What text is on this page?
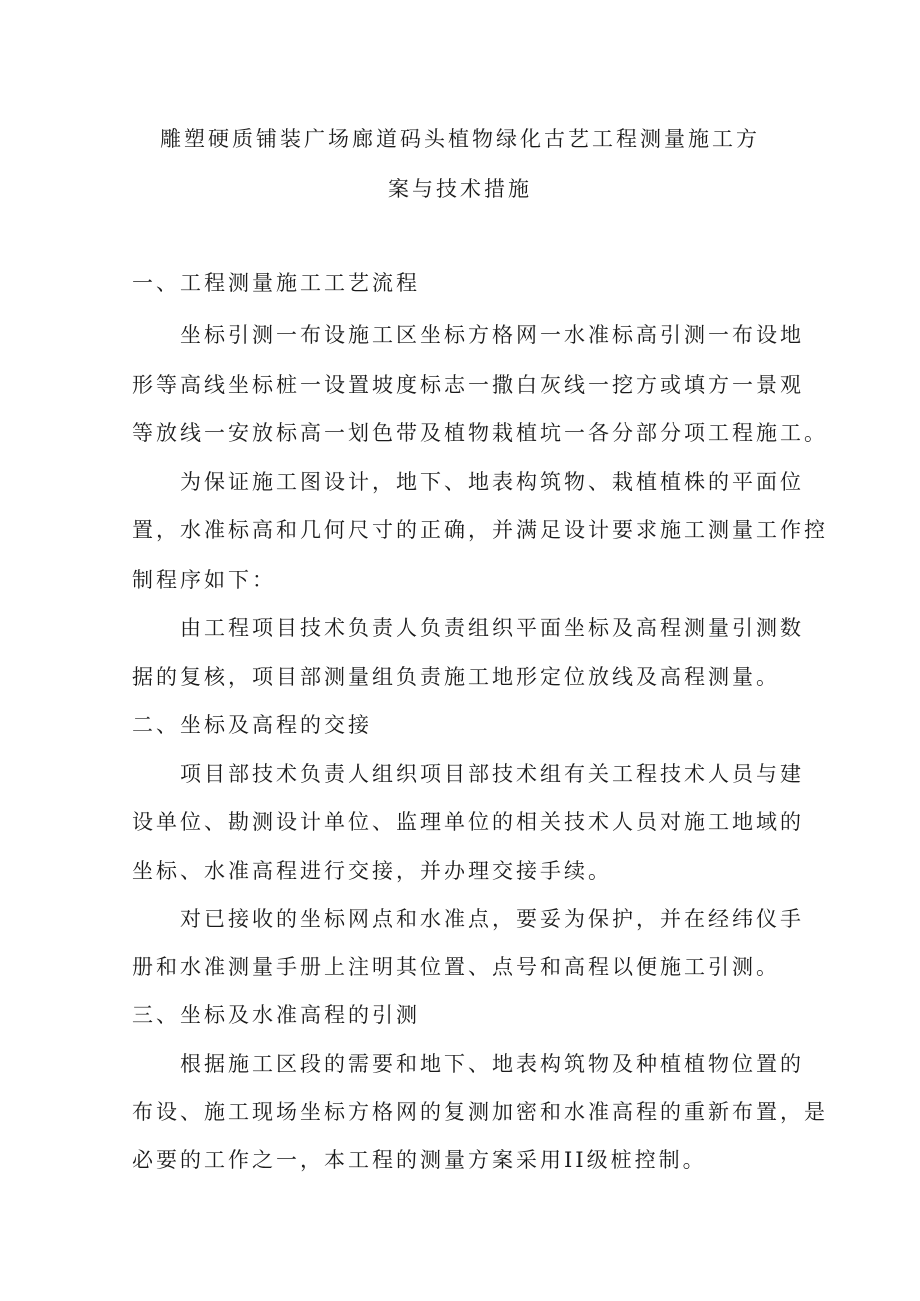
雕塑硬质铺装广场廊道码头植物绿化古艺工程测量施工方
案与技术措施
一、工程测量施工工艺流程
坐标引测一布设施工区坐标方格网一水准标高引测一布设地
形等高线坐标桩一设置坡度标志一撒白灰线一挖方或填方一景观
等放线一安放标高一划色带及植物栽植坑一各分部分项工程施工。
为保证施工图设计，地下、地表构筑物、栽植植株的平面位
置，水准标高和几何尺寸的正确，并满足设计要求施工测量工作控
制程序如下：
由工程项目技术负责人负责组织平面坐标及高程测量引测数
据的复核，项目部测量组负责施工地形定位放线及高程测量。
二、坐标及高程的交接
项目部技术负责人组织项目部技术组有关工程技术人员与建
设单位、勘测设计单位、监理单位的相关技术人员对施工地域的
坐标、水准高程进行交接，并办理交接手续。
对已接收的坐标网点和水准点，要妥为保护，并在经纬仪手
册和水准测量手册上注明其位置、点号和高程以便施工引测。
三、坐标及水准高程的引测
根据施工区段的需要和地下、地表构筑物及种植植物位置的
布设、施工现场坐标方格网的复测加密和水准高程的重新布置，是
必要的工作之一，本工程的测量方案采用II级桩控制。
